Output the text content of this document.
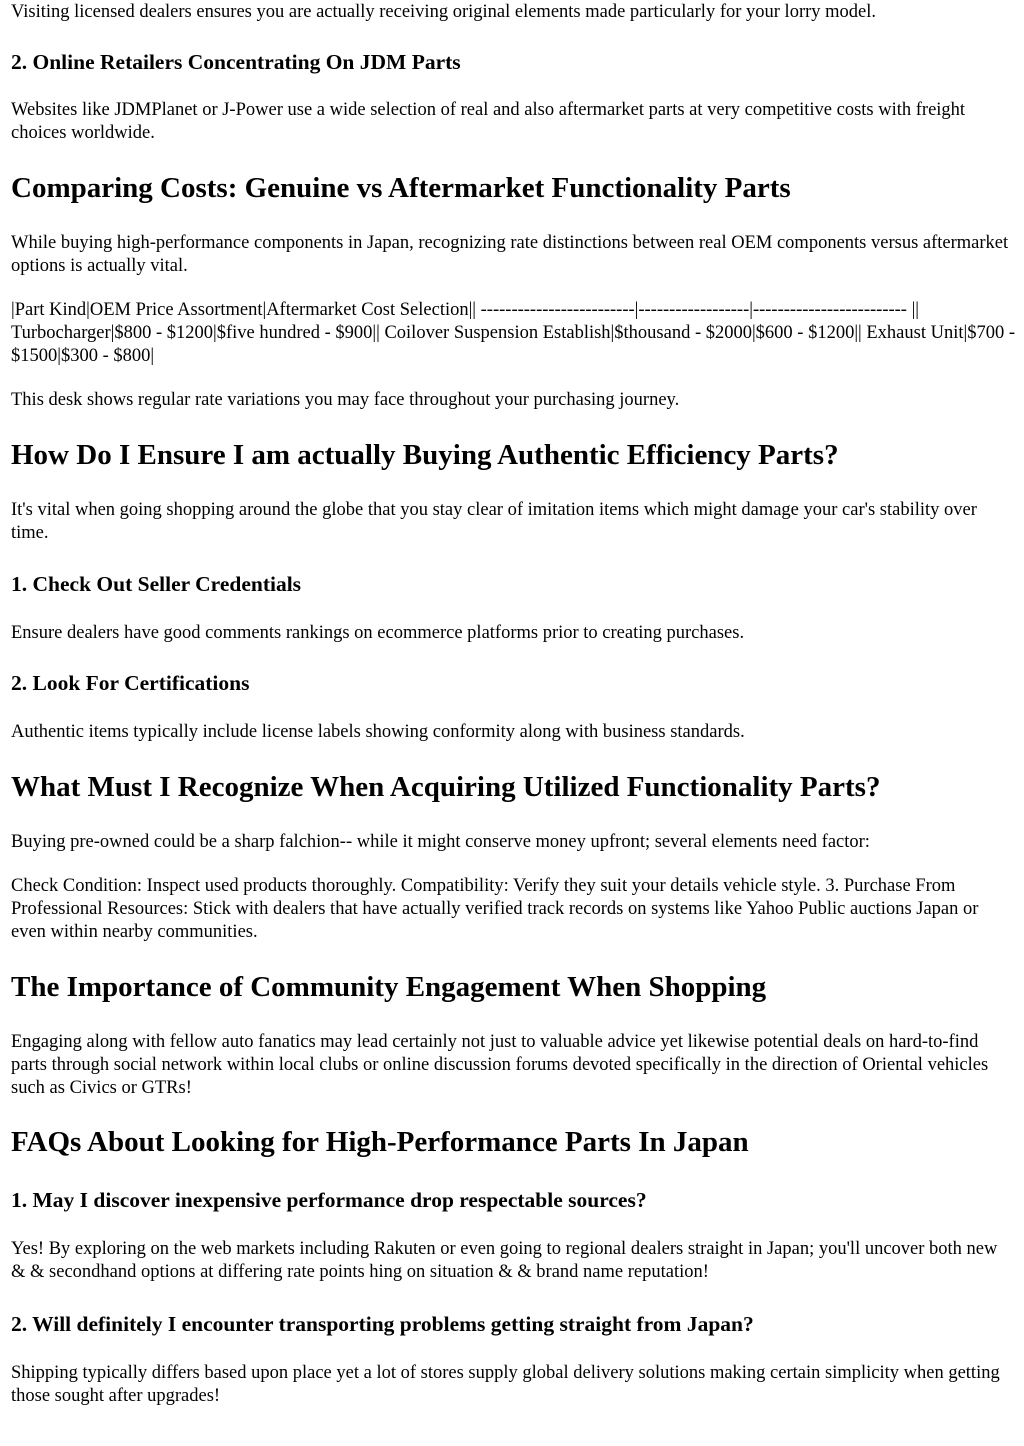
Visiting licensed dealers ensures you are actually receiving original elements made particularly for your lorry model.

2. Online Retailers Concentrating On JDM Parts

Websites like JDMPlanet or J-Power use a wide selection of real and also aftermarket parts at very competitive costs with freight choices worldwide.

Comparing Costs: Genuine vs Aftermarket Functionality Parts

While buying high-performance components in Japan, recognizing rate distinctions between real OEM components versus aftermarket options is actually vital.

|Part Kind|OEM Price Assortment|Aftermarket Cost Selection|| -------------------------|------------------|------------------------- || Turbocharger|$800 - $1200|$five hundred - $900|| Coilover Suspension Establish|$thousand - $2000|$600 - $1200|| Exhaust Unit|$700 - $1500|$300 - $800|

This desk shows regular rate variations you may face throughout your purchasing journey.

How Do I Ensure I am actually Buying Authentic Efficiency Parts?

It's vital when going shopping around the globe that you stay clear of imitation items which might damage your car's stability over time.

1. Check Out Seller Credentials

Ensure dealers have good comments rankings on ecommerce platforms prior to creating purchases.

2. Look For Certifications

Authentic items typically include license labels showing conformity along with business standards.

What Must I Recognize When Acquiring Utilized Functionality Parts?

Buying pre-owned could be a sharp falchion-- while it might conserve money upfront; several elements need factor:

Check Condition: Inspect used products thoroughly. Compatibility: Verify they suit your details vehicle style. 3. Purchase From Professional Resources: Stick with dealers that have actually verified track records on systems like Yahoo Public auctions Japan or even within nearby communities.

The Importance of Community Engagement When Shopping

Engaging along with fellow auto fanatics may lead certainly not just to valuable advice yet likewise potential deals on hard-to-find parts through social network within local clubs or online discussion forums devoted specifically in the direction of Oriental vehicles such as Civics or GTRs!

FAQs About Looking for High-Performance Parts In Japan
1. May I discover inexpensive performance drop respectable sources?

Yes! By exploring on the web markets including Rakuten or even going to regional dealers straight in Japan; you'll uncover both new & & secondhand options at differing rate points hing on situation & & brand name reputation!

2. Will definitely I encounter transporting problems getting straight from Japan?

Shipping typically differs based upon place yet a lot of stores supply global delivery solutions making certain simplicity when getting those sought after upgrades!
